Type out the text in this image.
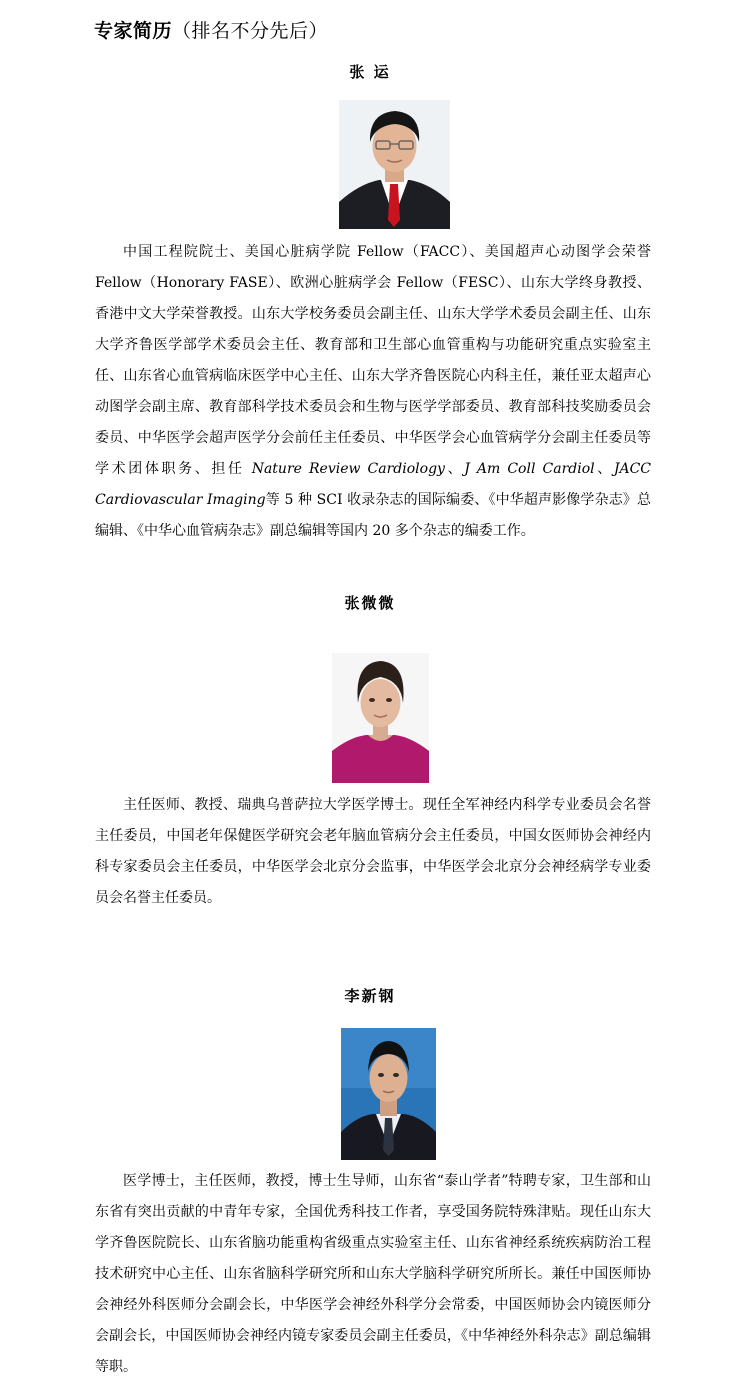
专家简历（排名不分先后）
张 运

中国工程院院士、美国心脏病学院 Fellow（FACC）、美国超声心动图学会荣誉 Fellow（Honorary FASE）、欧洲心脏病学会 Fellow（FESC）、山东大学终身教授、香港中文大学荣誉教授。山东大学校务委员会副主任、山东大学学术委员会副主任、山东大学齐鲁医学部学术委员会主任、教育部和卫生部心血管重构与功能研究重点实验室主任、山东省心血管病临床医学中心主任、山东大学齐鲁医院心内科主任，兼任亚太超声心动图学会副主席、教育部科学技术委员会和生物与医学学部委员、教育部科技奖励委员会委员、中华医学会超声医学分会前任主任委员、中华医学会心血管病学分会副主任委员等学术团体职务、担任 Nature Review Cardiology、J Am Coll Cardiol、JACC Cardiovascular Imaging等 5 种 SCI 收录杂志的国际编委、《中华超声影像学杂志》总编辑、《中华心血管病杂志》副总编辑等国内 20 多个杂志的编委工作。

张微微

主任医师、教授、瑞典乌普萨拉大学医学博士。现任全军神经内科学专业委员会名誉主任委员，中国老年保健医学研究会老年脑血管病分会主任委员，中国女医师协会神经内科专家委员会主任委员，中华医学会北京分会监事，中华医学会北京分会神经病学专业委员会名誉主任委员。

李新钢

医学博士，主任医师，教授，博士生导师，山东省“泰山学者”特聘专家，卫生部和山东省有突出贡献的中青年专家，全国优秀科技工作者，享受国务院特殊津贴。现任山东大学齐鲁医院院长、山东省脑功能重构省级重点实验室主任、山东省神经系统疾病防治工程技术研究中心主任、山东省脑科学研究所和山东大学脑科学研究所所长。兼任中国医师协会神经外科医师分会副会长，中华医学会神经外科学分会常委，中国医师协会内镜医师分会副会长，中国医师协会神经内镜专家委员会副主任委员，《中华神经外科杂志》副总编辑等职。
